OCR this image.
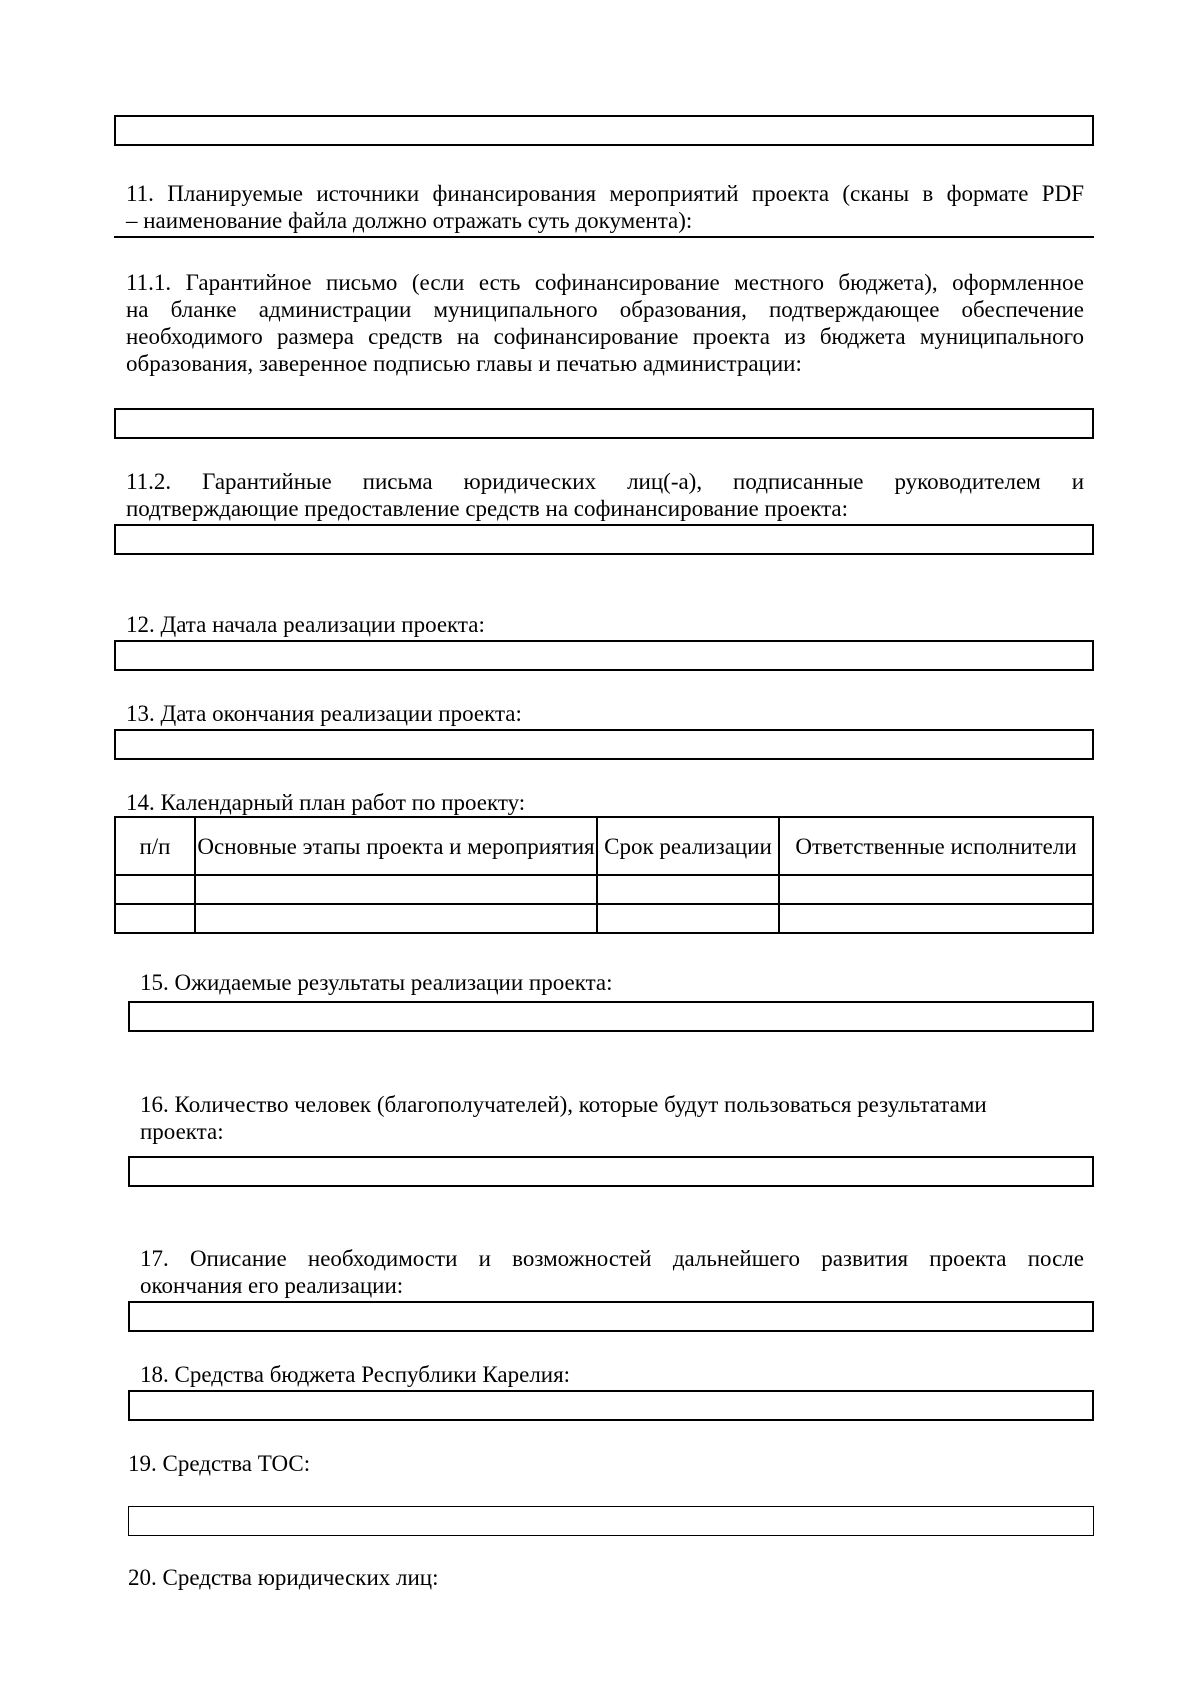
11. Планируемые источники финансирования мероприятий проекта (сканы в формате PDF
– наименование файла должно отражать суть документа):
11.1. Гарантийное письмо (если есть софинансирование местного бюджета), оформленное
на бланке администрации муниципального образования, подтверждающее обеспечение
необходимого размера средств на софинансирование проекта из бюджета муниципального
образования, заверенное подписью главы и печатью администрации:
11.2. Гарантийные письма юридических лиц(-а), подписанные руководителем и
подтверждающие предоставление средств на софинансирование проекта:
12. Дата начала реализации проекта:
13. Дата окончания реализации проекта:
14. Календарный план работ по проекту:
п/п	Основные этапы проекта и мероприятия	Срок реализации	Ответственные исполнители

15. Ожидаемые результаты реализации проекта:
16. Количество человек (благополучателей), которые будут пользоваться результатами
проекта:
17. Описание необходимости и возможностей дальнейшего развития проекта после
окончания его реализации:
18. Средства бюджета Республики Карелия:
19. Средства ТОС:
20. Средства юридических лиц:
